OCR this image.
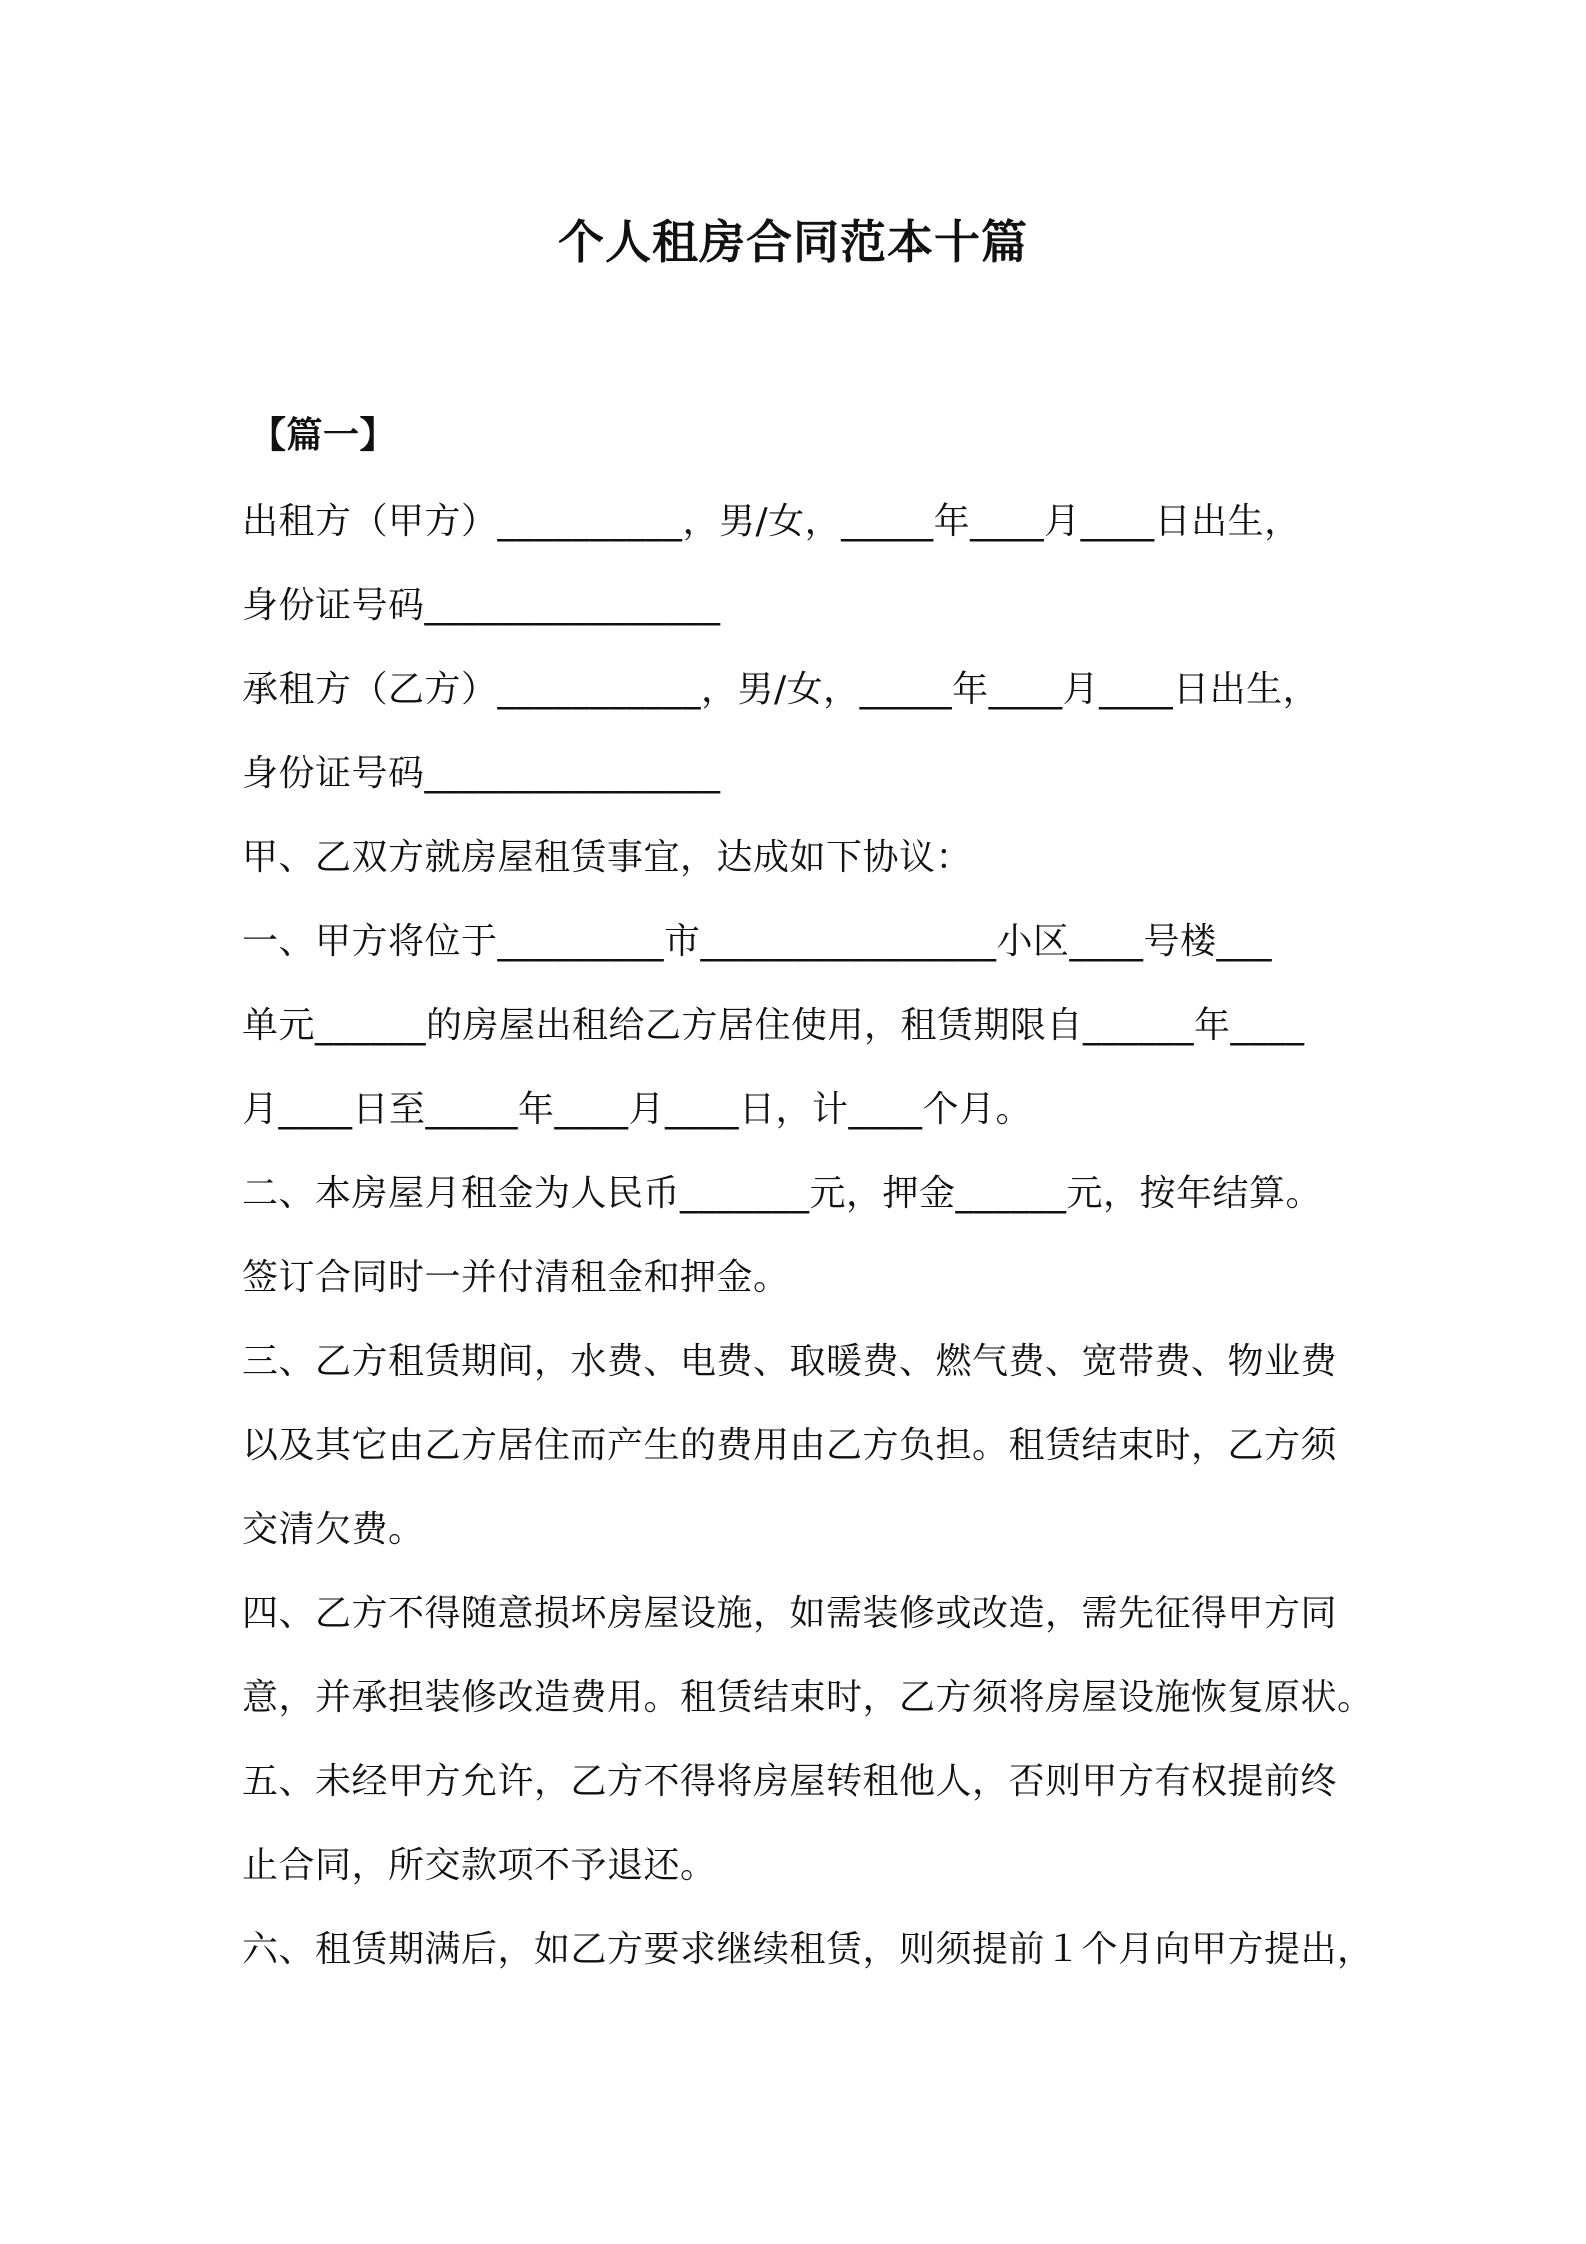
个人租房合同范本十篇
【篇一】
出租方（甲方）__________，男/女，_____年____月____日出生，
身份证号码________________
承租方（乙方）___________，男/女，_____年____月____日出生，
身份证号码________________
甲、乙双方就房屋租赁事宜，达成如下协议：
一、甲方将位于_________市________________小区____号楼___
单元______的房屋出租给乙方居住使用，租赁期限自______年____
月____日至_____年____月____日，计____个月。
二、本房屋月租金为人民币_______元，押金______元，按年结算。
签订合同时一并付清租金和押金。
三、乙方租赁期间，水费、电费、取暖费、燃气费、宽带费、物业费
以及其它由乙方居住而产生的费用由乙方负担。租赁结束时，乙方须
交清欠费。
四、乙方不得随意损坏房屋设施，如需装修或改造，需先征得甲方同
意，并承担装修改造费用。租赁结束时，乙方须将房屋设施恢复原状。
五、未经甲方允许，乙方不得将房屋转租他人，否则甲方有权提前终
止合同，所交款项不予退还。
六、租赁期满后，如乙方要求继续租赁，则须提前１个月向甲方提出，
